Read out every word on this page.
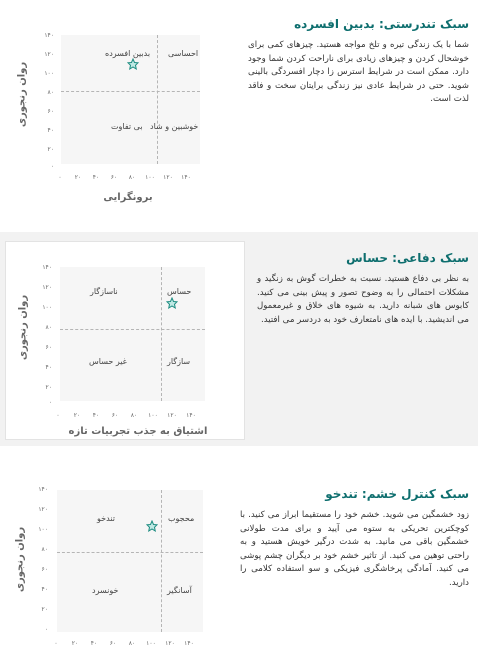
بدبین افسرده احساسی
بی تفاوت خوشبین و شاد
۱۴۰
۱۲۰
۱۰۰
۸۰
۶۰
۴۰
۲۰
۰
۰	۲۰	۴۰	۶۰	۸۰	۱۰۰	۱۲۰	۱۴۰
روان رنجوری
برونگرایی

سبک تندرستی: بدبین افسرده

شما با یک زندگی تیره و تلخ مواجه هستید. چیزهای کمی برای خوشحال کردن و چیزهای زیادی برای ناراحت کردن شما وجود دارد. ممکن است در شرایط استرس زا دچار افسردگی بالینی شوید. حتی در شرایط عادی نیز زندگی برایتان سخت و فاقد لذت است.

ناسازگار	حساس
غیر حساس	سازگار
۱۴۰
۱۲۰
۱۰۰
۸۰
۶۰
۴۰
۲۰
۰
۰	۲۰	۴۰	۶۰	۸۰	۱۰۰	۱۲۰	۱۴۰
روان رنجوری
اشتیاق به جذب تجربیات تازه

سبک دفاعی: حساس

به نظر بی دفاع هستید. نسبت به خطرات گوش به زنگید و مشکلات احتمالی را به وضوح تصور و پیش بینی می کنید. کابوس های شبانه دارید. به شیوه های خلاق و غیرمعمول می اندیشید. با ایده های نامتعارف خود به دردسر می افتید.

تندخو	محجوب
خونسرد	آسانگیر
۱۴۰
۱۲۰
۱۰۰
۸۰
۶۰
۴۰
۲۰
۰
۰	۲۰	۴۰	۶۰	۸۰	۱۰۰	۱۲۰	۱۴۰
روان رنجوری

سبک کنترل خشم: تندخو

زود خشمگین می شوید. خشم خود را مستقیما ابراز می کنید. با کوچکترین تحریکی به ستوه می آیید و برای مدت طولانی خشمگین باقی می مانید. به شدت درگیر خویش هستید و به راحتی توهین می کنید. از تاثیر خشم خود بر دیگران چشم پوشی می کنید. آمادگی پرخاشگری فیزیکی و سو استفاده کلامی را دارید.
